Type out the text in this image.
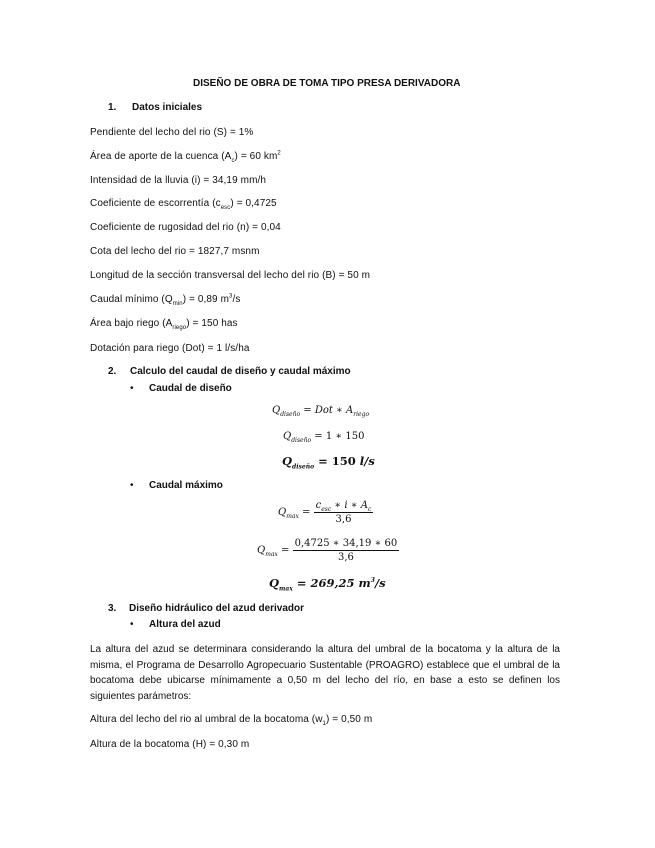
DISEÑO DE OBRA DE TOMA TIPO PRESA DERIVADORA
1. Datos iniciales
Pendiente del lecho del rio (S) = 1%
Área de aporte de la cuenca $(A_c) = 60$ $km^2$
Intensidad de la lluvia (i) = 34,19 mm/h
Coeficiente de escorrentía $(c_{esc}) = 0,4725$
Coeficiente de rugosidad del rio (n) = 0,04
Cota del lecho del rio = 1827,7 msnm
Longitud de la sección transversal del lecho del rio (B) = 50 m
Caudal mínimo $(Q_{min}) = 0,89$ $m^3/s$
Área bajo riego $(A_{riego}) = 150$ has
Dotación para riego (Dot) = 1 l/s/ha
2. Calculo del caudal de diseño y caudal máximo
• Caudal de diseño
$Q_{diseño}$ = Dot ∗ $A_{riego}$
$Q_{diseño} = 1$ ∗ 150
$Q_{diseño} = 150$ l/s
• Caudal máximo
$Q_{max} = \frac{c_{esc} ∗ i ∗ A_c}{3,6}$
$Q_{max} = \frac{0,4725 ∗ 34,19 ∗ 60}{3,6}$
$Q_{max} = 269,25$ $m^3/s$
3. Diseño hidráulico del azud derivador
• Altura del azud
La altura del azud se determinara considerando la altura del umbral de la bocatoma y la altura de la misma, el Programa de Desarrollo Agropecuario Sustentable (PROAGRO) establece que el umbral de la bocatoma debe ubicarse mínimamente a 0,50 m del lecho del río, en base a esto se definen los siguientes parámetros:
Altura del lecho del rio al umbral de la bocatoma $(w_1) = 0,50$ m
Altura de la bocatoma (H) = 0,30 m
